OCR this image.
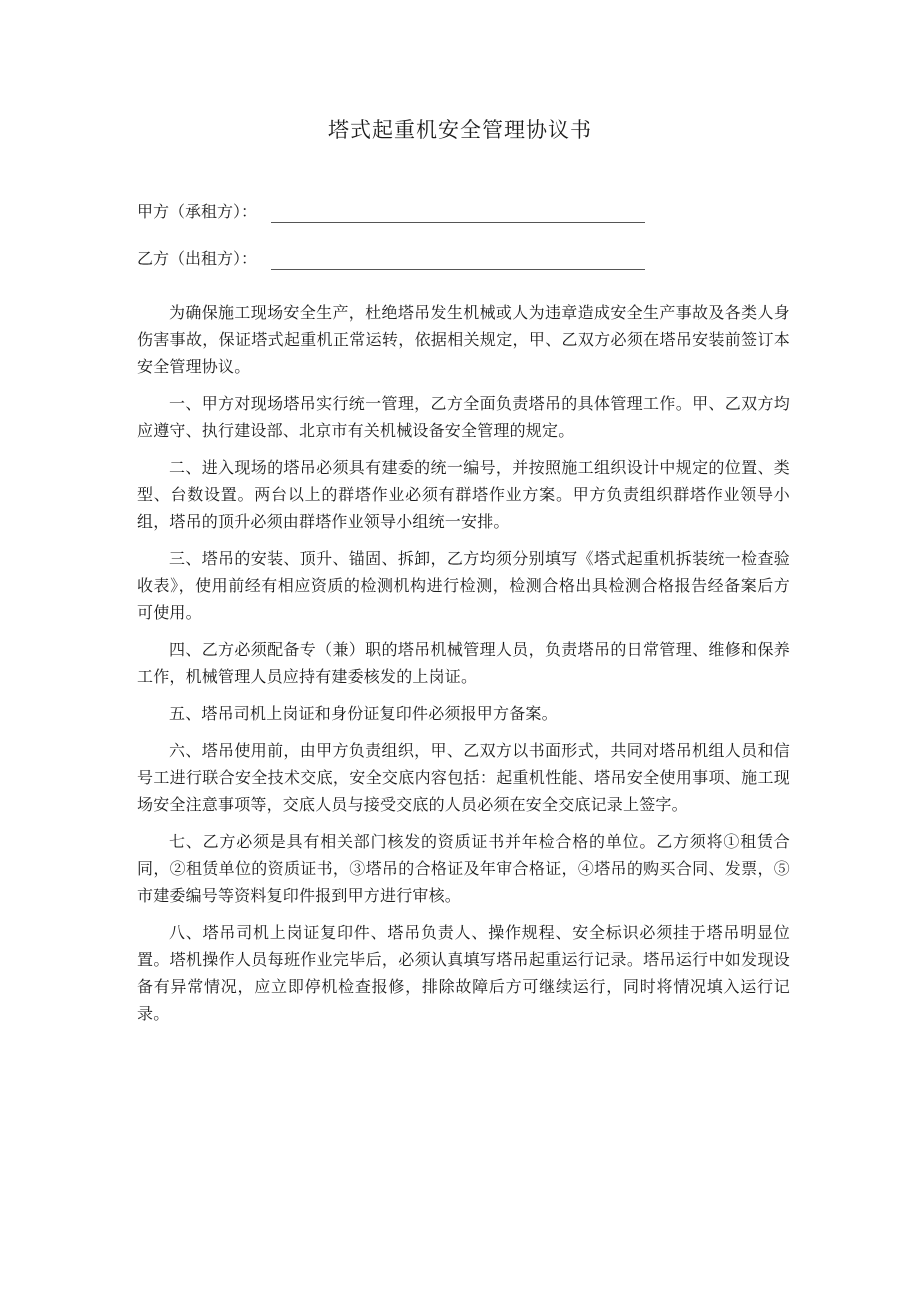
塔式起重机安全管理协议书
甲方（承租方）：
乙方（出租方）：

为确保施工现场安全生产，杜绝塔吊发生机械或人为违章造成安全生产事故及各类人身伤害事故，保证塔式起重机正常运转，依据相关规定，甲、乙双方必须在塔吊安装前签订本安全管理协议。

一、甲方对现场塔吊实行统一管理，乙方全面负责塔吊的具体管理工作。甲、乙双方均应遵守、执行建设部、北京市有关机械设备安全管理的规定。

二、进入现场的塔吊必须具有建委的统一编号，并按照施工组织设计中规定的位置、类型、台数设置。两台以上的群塔作业必须有群塔作业方案。甲方负责组织群塔作业领导小组，塔吊的顶升必须由群塔作业领导小组统一安排。

三、塔吊的安装、顶升、锚固、拆卸，乙方均须分别填写《塔式起重机拆装统一检查验收表》，使用前经有相应资质的检测机构进行检测，检测合格出具检测合格报告经备案后方可使用。

四、乙方必须配备专（兼）职的塔吊机械管理人员，负责塔吊的日常管理、维修和保养工作，机械管理人员应持有建委核发的上岗证。

五、塔吊司机上岗证和身份证复印件必须报甲方备案。

六、塔吊使用前，由甲方负责组织，甲、乙双方以书面形式，共同对塔吊机组人员和信号工进行联合安全技术交底，安全交底内容包括：起重机性能、塔吊安全使用事项、施工现场安全注意事项等，交底人员与接受交底的人员必须在安全交底记录上签字。

七、乙方必须是具有相关部门核发的资质证书并年检合格的单位。乙方须将①租赁合同，②租赁单位的资质证书，③塔吊的合格证及年审合格证，④塔吊的购买合同、发票，⑤市建委编号等资料复印件报到甲方进行审核。

八、塔吊司机上岗证复印件、塔吊负责人、操作规程、安全标识必须挂于塔吊明显位置。塔机操作人员每班作业完毕后，必须认真填写塔吊起重运行记录。塔吊运行中如发现设备有异常情况，应立即停机检查报修，排除故障后方可继续运行，同时将情况填入运行记录。
